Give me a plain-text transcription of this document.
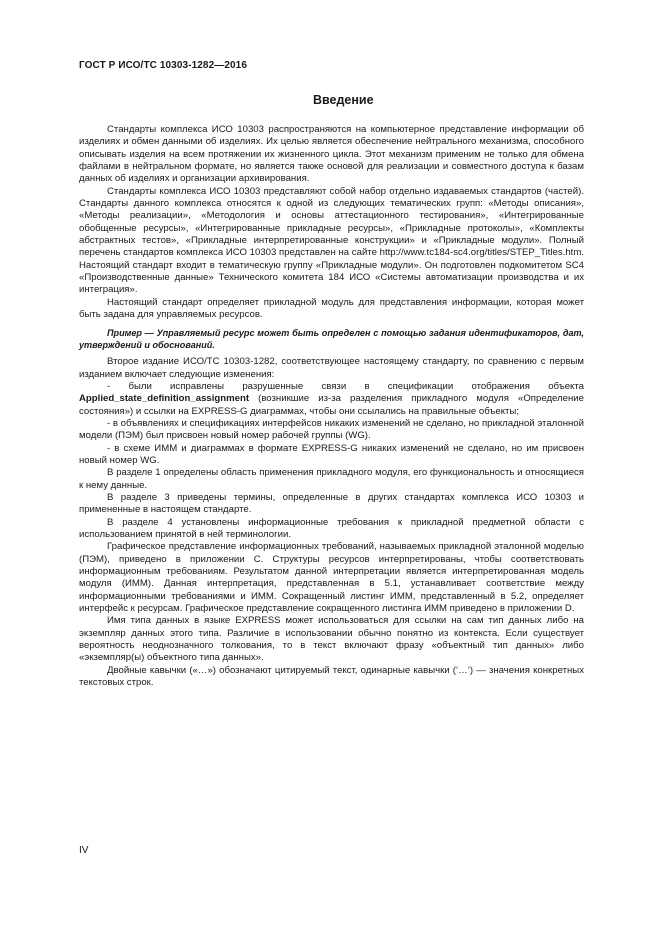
ГОСТ Р ИСО/ТС 10303-1282—2016
Введение

Стандарты комплекса ИСО 10303 распространяются на компьютерное представление информации об изделиях и обмен данными об изделиях. Их целью является обеспечение нейтрального механизма, способного описывать изделия на всем протяжении их жизненного цикла. Этот механизм применим не только для обмена файлами в нейтральном формате, но является также основой для реализации и совместного доступа к базам данных об изделиях и организации архивирования.

Стандарты комплекса ИСО 10303 представляют собой набор отдельно издаваемых стандартов (частей). Стандарты данного комплекса относятся к одной из следующих тематических групп: «Методы описания», «Методы реализации», «Методология и основы аттестационного тестирования», «Интегрированные обобщенные ресурсы», «Интегрированные прикладные ресурсы», «Прикладные протоколы», «Комплекты абстрактных тестов», «Прикладные интерпретированные конструкции» и «Прикладные модули». Полный перечень стандартов комплекса ИСО 10303 представлен на сайте http://www.tc184-sc4.org/titles/STEP_Titles.htm. Настоящий стандарт входит в тематическую группу «Прикладные модули». Он подготовлен подкомитетом SC4 «Производственные данные» Технического комитета 184 ИСО «Системы автоматизации производства и их интеграция».

Настоящий стандарт определяет прикладной модуль для представления информации, которая может быть задана для управляемых ресурсов.

Пример — Управляемый ресурс может быть определен с помощью задания идентификаторов, дат, утверждений и обоснований.

Второе издание ИСО/ТС 10303-1282, соответствующее настоящему стандарту, по сравнению с первым изданием включает следующие изменения:

- были исправлены разрушенные связи в спецификации отображения объекта Applied_state_definition_assignment (возникшие из-за разделения прикладного модуля «Определение состояния») и ссылки на EXPRESS-G диаграммах, чтобы они ссылались на правильные объекты;

- в объявлениях и спецификациях интерфейсов никаких изменений не сделано, но прикладной эталонной модели (ПЭМ) был присвоен новый номер рабочей группы (WG).

- в схеме ИММ и диаграммах в формате EXPRESS-G никаких изменений не сделано, но им присвоен новый номер WG.

В разделе 1 определены область применения прикладного модуля, его функциональность и относящиеся к нему данные.

В разделе 3 приведены термины, определенные в других стандартах комплекса ИСО 10303 и примененные в настоящем стандарте.

В разделе 4 установлены информационные требования к прикладной предметной области с использованием принятой в ней терминологии.

Графическое представление информационных требований, называемых прикладной эталонной моделью (ПЭМ), приведено в приложении C. Структуры ресурсов интерпретированы, чтобы соответствовать информационным требованиям. Результатом данной интерпретации является интерпретированная модель модуля (ИММ). Данная интерпретация, представленная в 5.1, устанавливает соответствие между информационными требованиями и ИММ. Сокращенный листинг ИММ, представленный в 5.2, определяет интерфейс к ресурсам. Графическое представление сокращенного листинга ИММ приведено в приложении D.

Имя типа данных в языке EXPRESS может использоваться для ссылки на сам тип данных либо на экземпляр данных этого типа. Различие в использовании обычно понятно из контекста. Если существует вероятность неоднозначного толкования, то в текст включают фразу «объектный тип данных» либо «экземпляр(ы) объектного типа данных».

Двойные кавычки («…») обозначают цитируемый текст, одинарные кавычки (‘…’) — значения конкретных текстовых строк.

IV
